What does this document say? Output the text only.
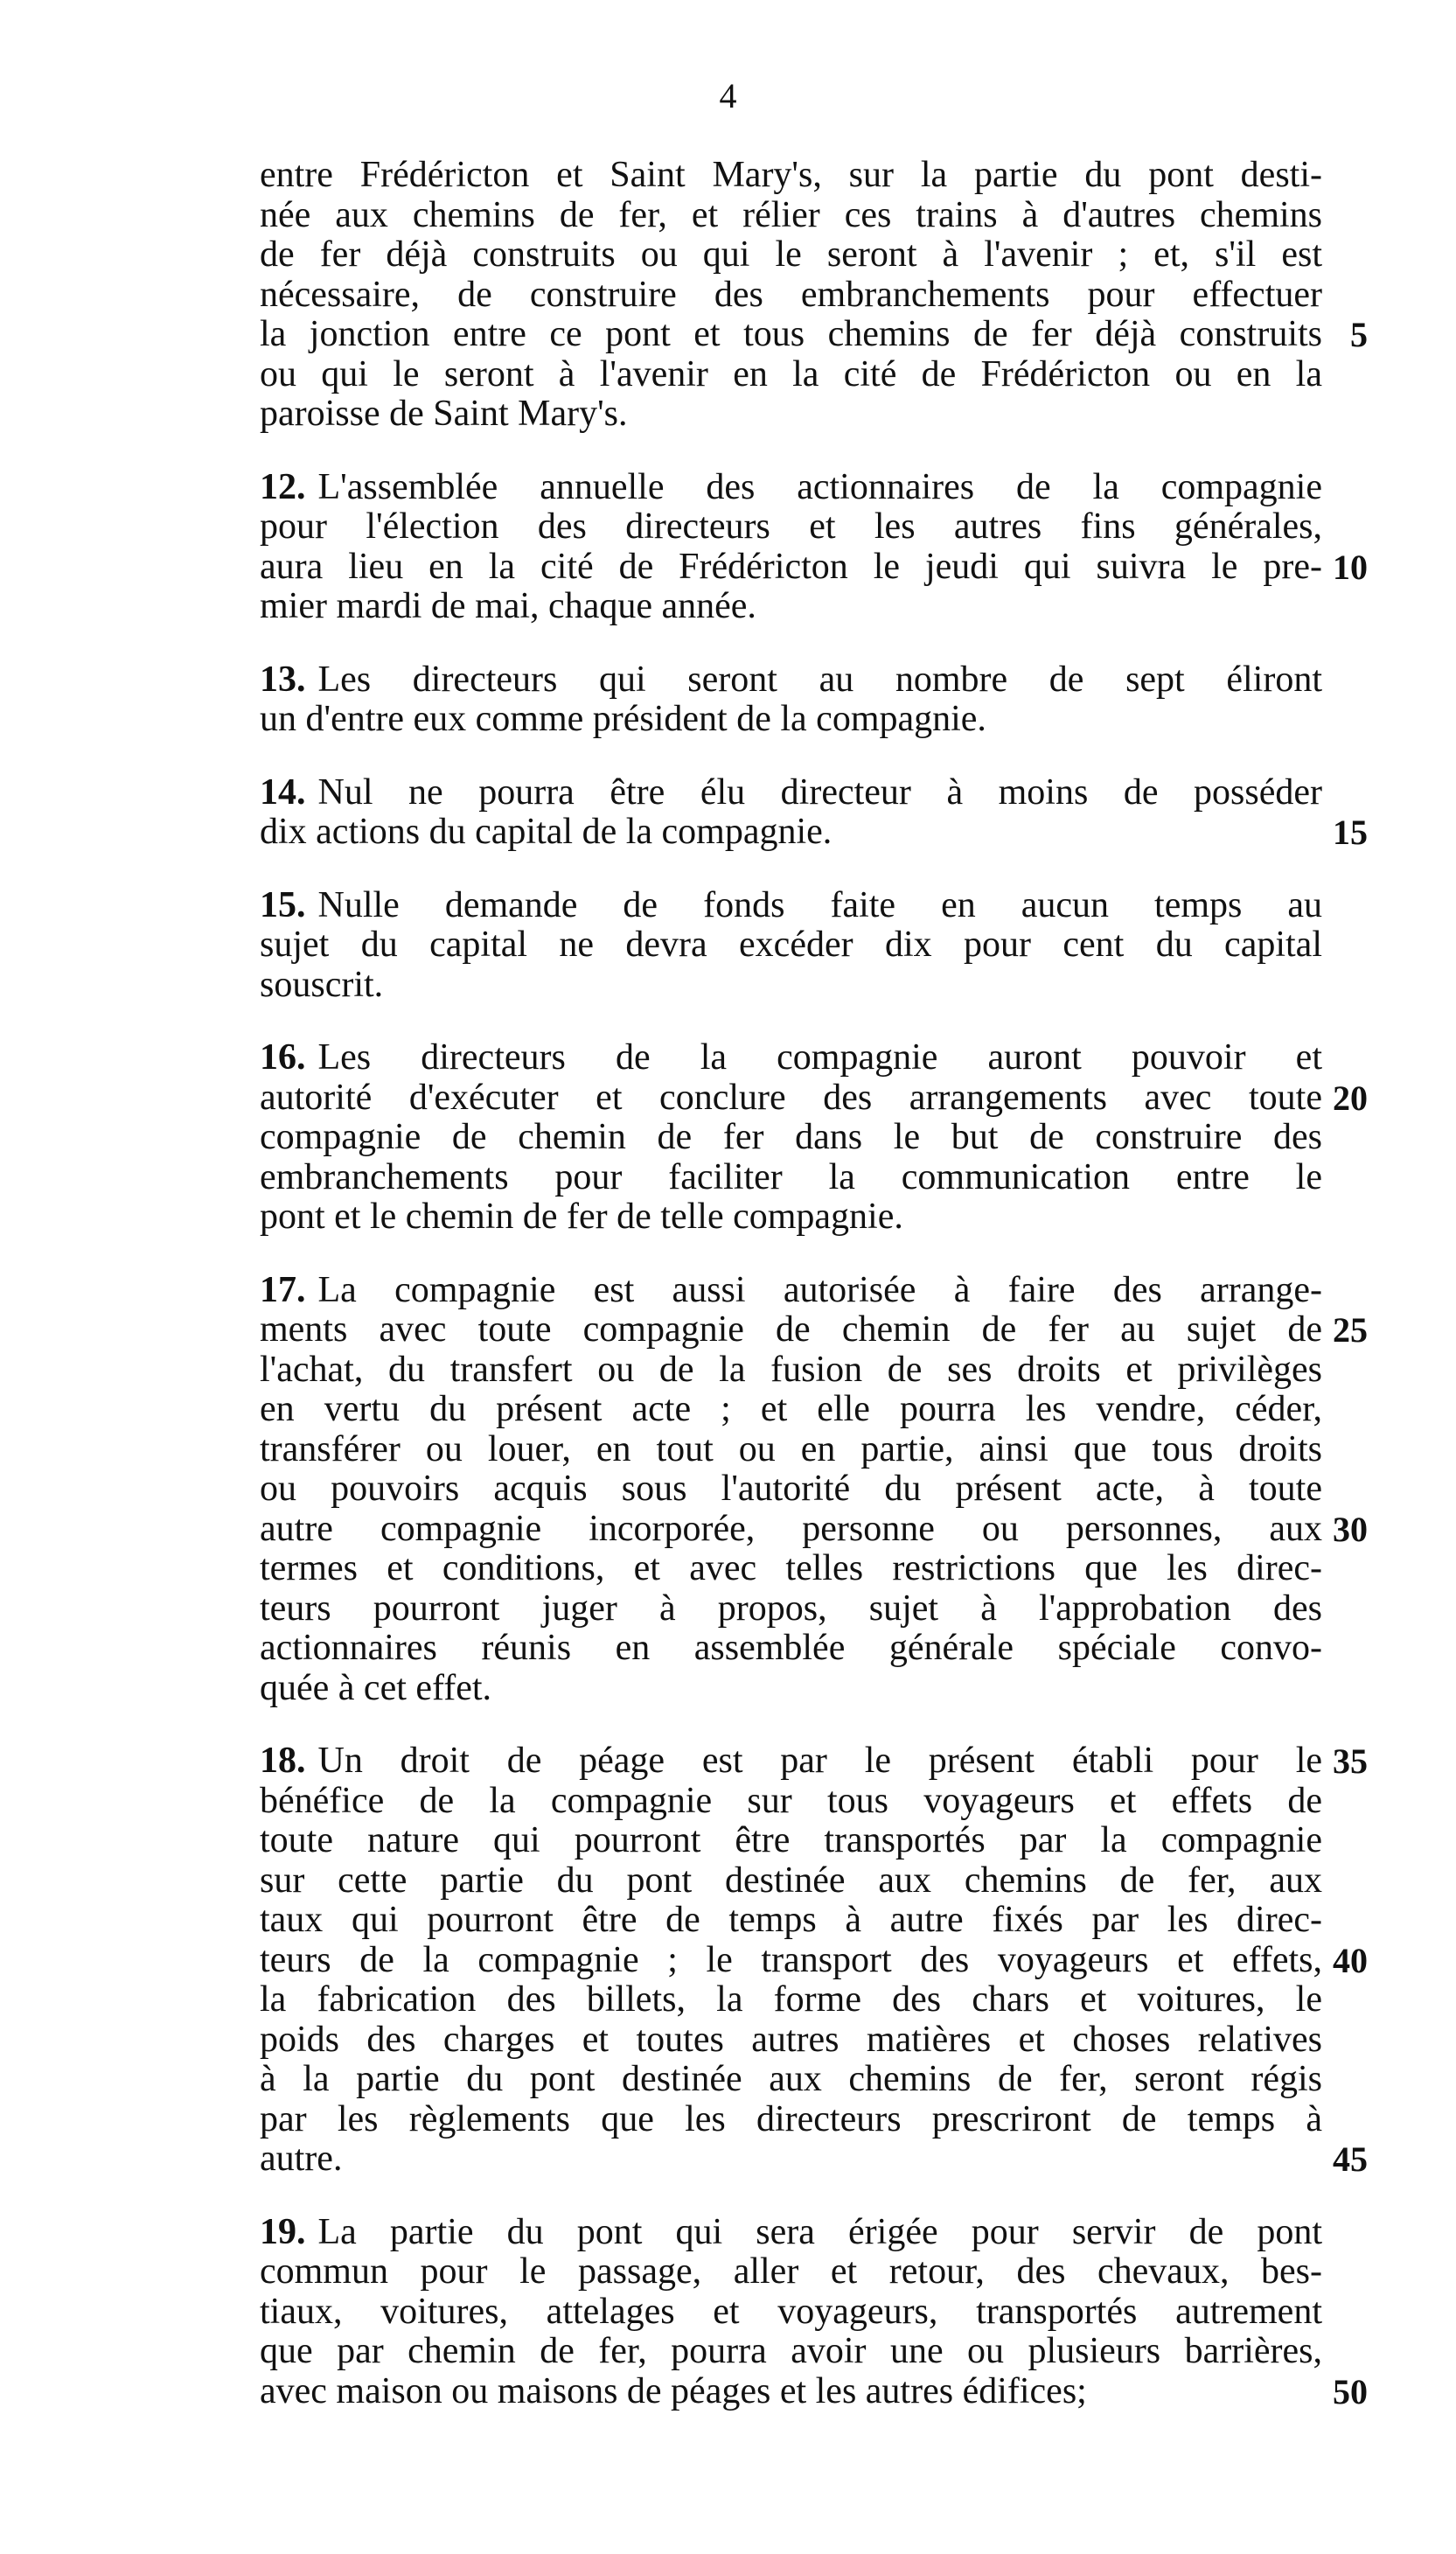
4
entre Frédéricton et Saint Mary's, sur la partie du pont desti-
née aux chemins de fer, et rélier ces trains à d'autres chemins
de fer déjà construits ou qui le seront à l'avenir ; et, s'il est
nécessaire, de construire des embranchements pour effectuer
la jonction entre ce pont et tous chemins de fer déjà construits 5
ou qui le seront à l'avenir en la cité de Frédéricton ou en la
paroisse de Saint Mary's.
12. L'assemblée annuelle des actionnaires de la compagnie
pour l'élection des directeurs et les autres fins générales,
aura lieu en la cité de Frédéricton le jeudi qui suivra le pre- 10
mier mardi de mai, chaque année.
13. Les directeurs qui seront au nombre de sept éliront
un d'entre eux comme président de la compagnie.
14. Nul ne pourra être élu directeur à moins de posséder
dix actions du capital de la compagnie.	15
15. Nulle demande de fonds faite en aucun temps au
sujet du capital ne devra excéder dix pour cent du capital
souscrit.
16. Les directeurs de la compagnie auront pouvoir et
autorité d'exécuter et conclure des arrangements avec toute 20
compagnie de chemin de fer dans le but de construire des
embranchements pour faciliter la communication entre le
pont et le chemin de fer de telle compagnie.
17. La compagnie est aussi autorisée à faire des arrange-
ments avec toute compagnie de chemin de fer au sujet de 25
l'achat, du transfert ou de la fusion de ses droits et privilèges
en vertu du présent acte ; et elle pourra les vendre, céder,
transférer ou louer, en tout ou en partie, ainsi que tous droits
ou pouvoirs acquis sous l'autorité du présent acte, à toute
autre compagnie incorporée, personne ou personnes, aux 30
termes et conditions, et avec telles restrictions que les direc-
teurs pourront juger à propos, sujet à l'approbation des
actionnaires réunis en assemblée générale spéciale convo-
quée à cet effet.
18. Un droit de péage est par le présent établi pour le 35
bénéfice de la compagnie sur tous voyageurs et effets de
toute nature qui pourront être transportés par la compagnie
sur cette partie du pont destinée aux chemins de fer, aux
taux qui pourront être de temps à autre fixés par les direc-
teurs de la compagnie ; le transport des voyageurs et effets, 40
la fabrication des billets, la forme des chars et voitures, le
poids des charges et toutes autres matières et choses relatives
à la partie du pont destinée aux chemins de fer, seront régis
par les règlements que les directeurs prescriront de temps à
autre.	45
19. La partie du pont qui sera érigée pour servir de pont
commun pour le passage, aller et retour, des chevaux, bes-
tiaux, voitures, attelages et voyageurs, transportés autrement
que par chemin de fer, pourra avoir une ou plusieurs barrières,
avec maison ou maisons de péages et les autres édifices;	50
